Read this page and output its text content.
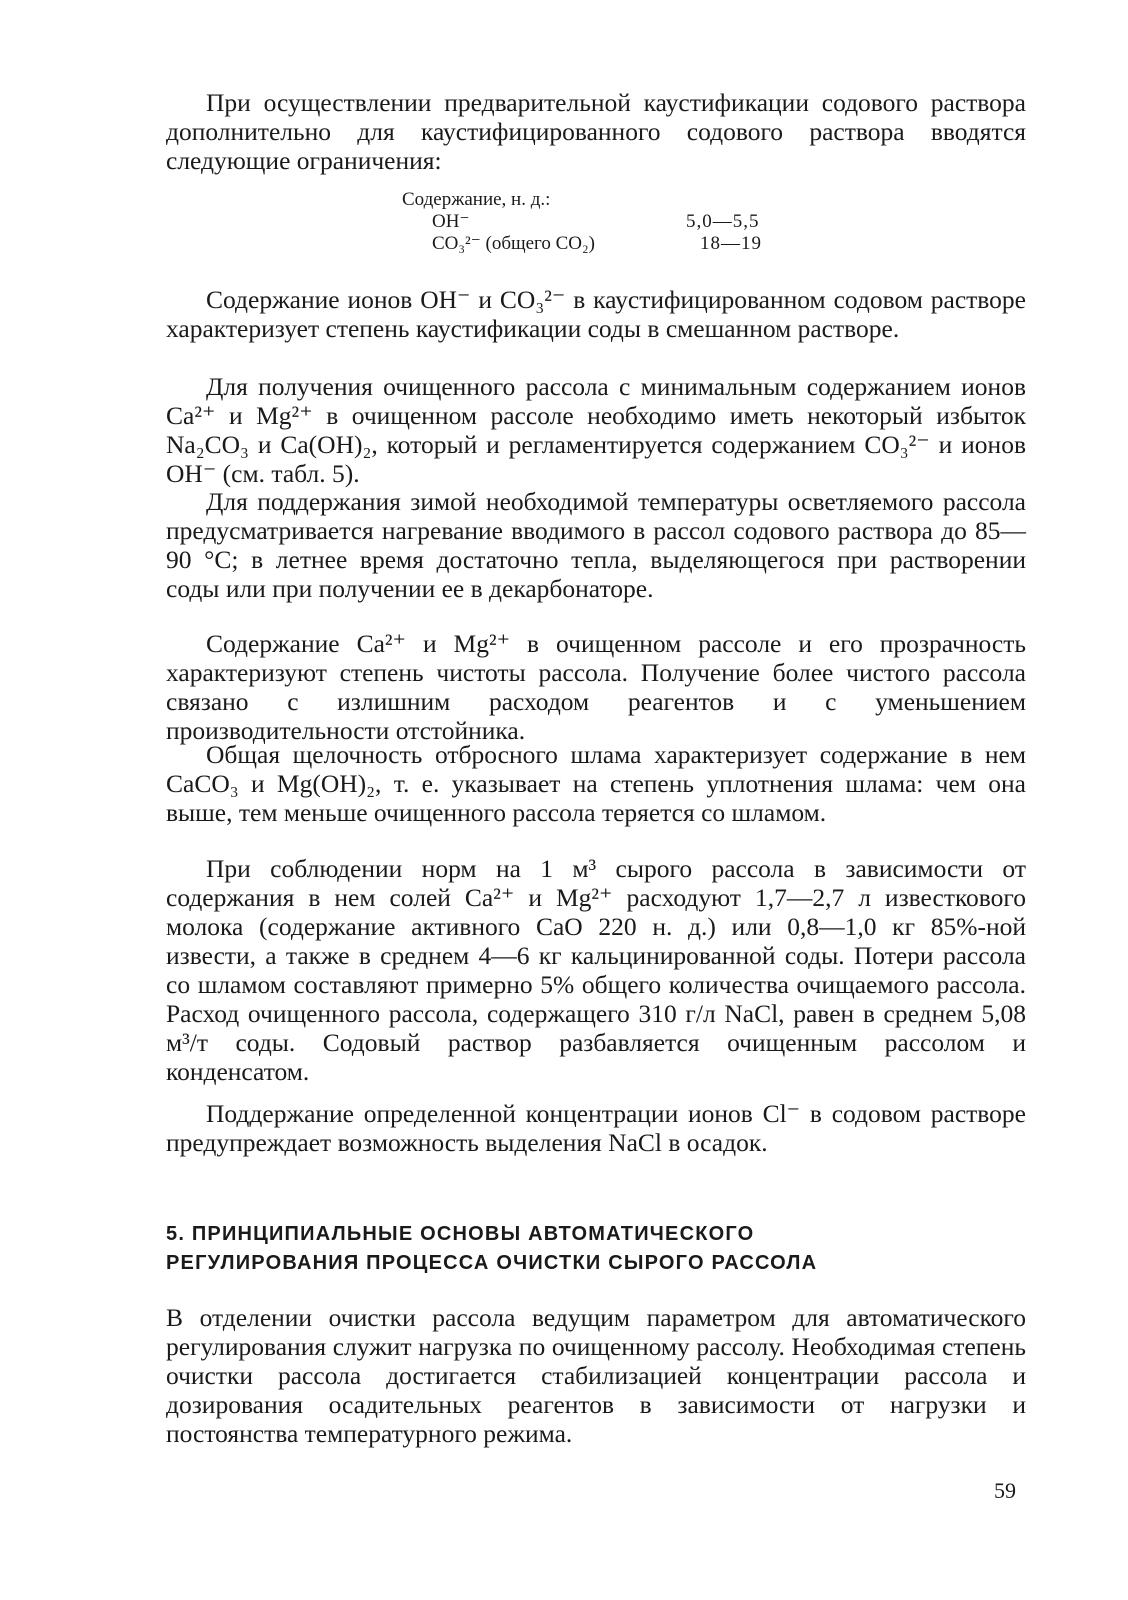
При осуществлении предварительной каустификации содового раствора дополнительно для каустифицированного содового раствора вводятся следующие ограничения:

Содержание, н. д.:
OH⁻	5,0—5,5
CO₃²⁻ (общего CO₂)	18—19

Содержание ионов OH⁻ и CO₃²⁻ в каустифицированном содовом растворе характеризует степень каустификации соды в смешанном растворе.

Для получения очищенного рассола с минимальным содержанием ионов Ca²⁺ и Mg²⁺ в очищенном рассоле необходимо иметь некоторый избыток Na₂CO₃ и Ca(OH)₂, который и регламентируется содержанием CO₃²⁻ и ионов OH⁻ (см. табл. 5).

Для поддержания зимой необходимой температуры осветляемого рассола предусматривается нагревание вводимого в рассол содового раствора до 85—90 °C; в летнее время достаточно тепла, выделяющегося при растворении соды или при получении ее в декарбонаторе.

Содержание Ca²⁺ и Mg²⁺ в очищенном рассоле и его прозрачность характеризуют степень чистоты рассола. Получение более чистого рассола связано с излишним расходом реагентов и с уменьшением производительности отстойника.

Общая щелочность отбросного шлама характеризует содержание в нем CaCO₃ и Mg(OH)₂, т. е. указывает на степень уплотнения шлама: чем она выше, тем меньше очищенного рассола теряется со шламом.

При соблюдении норм на 1 м³ сырого рассола в зависимости от содержания в нем солей Ca²⁺ и Mg²⁺ расходуют 1,7—2,7 л известкового молока (содержание активного CaO 220 н. д.) или 0,8—1,0 кг 85%-ной извести, а также в среднем 4—6 кг кальцинированной соды. Потери рассола со шламом составляют примерно 5% общего количества очищаемого рассола. Расход очищенного рассола, содержащего 310 г/л NaCl, равен в среднем 5,08 м³/т соды. Содовый раствор разбавляется очищенным рассолом и конденсатом.

Поддержание определенной концентрации ионов Cl⁻ в содовом растворе предупреждает возможность выделения NaCl в осадок.

5. ПРИНЦИПИАЛЬНЫЕ ОСНОВЫ АВТОМАТИЧЕСКОГО
РЕГУЛИРОВАНИЯ ПРОЦЕССА ОЧИСТКИ СЫРОГО РАССОЛА

В отделении очистки рассола ведущим параметром для автоматического регулирования служит нагрузка по очищенному рассолу. Необходимая степень очистки рассола достигается стабилизацией концентрации рассола и дозирования осадительных реагентов в зависимости от нагрузки и постоянства температурного режима.

59
